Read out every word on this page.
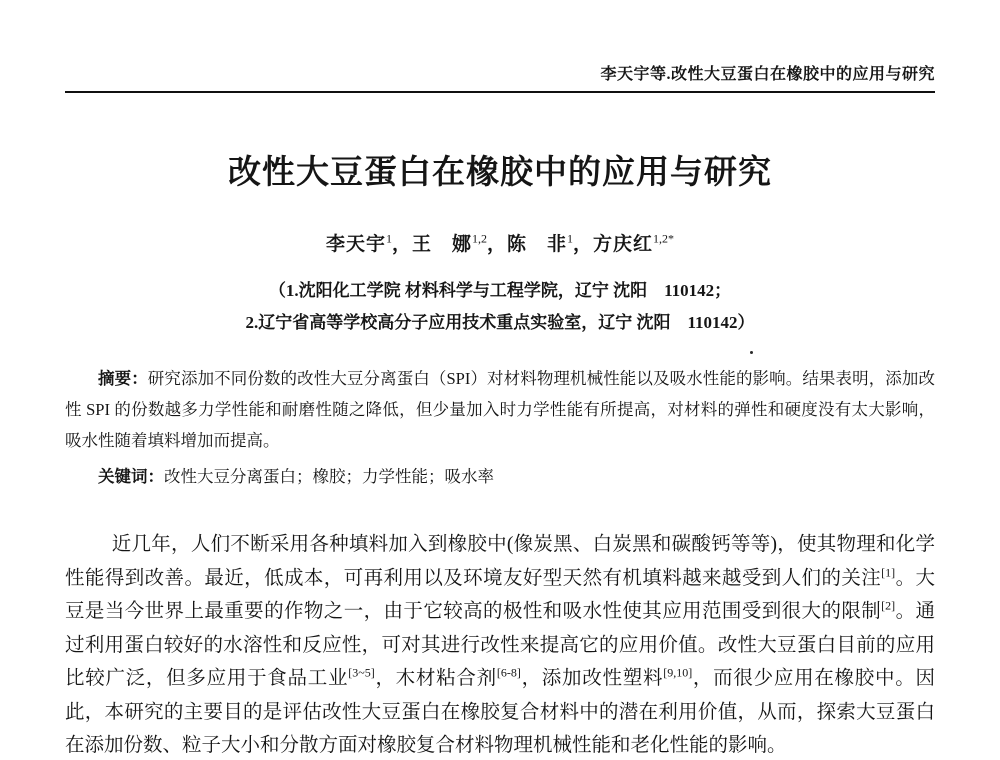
李天宇等.改性大豆蛋白在橡胶中的应用与研究
改性大豆蛋白在橡胶中的应用与研究
李天宇$^1$，王　娜$^{1,2}$，陈　非$^1$，方庆红$^{1,2*}$
（1.沈阳化工学院 材料科学与工程学院，辽宁 沈阳　110142；
2.辽宁省高等学校高分子应用技术重点实验室，辽宁 沈阳　110142）

摘要：研究添加不同份数的改性大豆分离蛋白（SPI）对材料物理机械性能以及吸水性能的影响。结果表明，添加改性 SPI 的份数越多力学性能和耐磨性随之降低，但少量加入时力学性能有所提高，对材料的弹性和硬度没有太大影响，吸水性随着填料增加而提高。

关键词：改性大豆分离蛋白；橡胶；力学性能；吸水率

近几年，人们不断采用各种填料加入到橡胶中(像炭黑、白炭黑和碳酸钙等等)，使其物理和化学性能得到改善。最近，低成本，可再利用以及环境友好型天然有机填料越来越受到人们的关注[1]。大豆是当今世界上最重要的作物之一，由于它较高的极性和吸水性使其应用范围受到很大的限制[2]。通过利用蛋白较好的水溶性和反应性，可对其进行改性来提高它的应用价值。改性大豆蛋白目前的应用比较广泛，但多应用于食品工业[3~5]，木材粘合剂[6-8]，添加改性塑料[9,10]，而很少应用在橡胶中。因此，本研究的主要目的是评估改性大豆蛋白在橡胶复合材料中的潜在利用价值，从而，探索大豆蛋白在添加份数、粒子大小和分散方面对橡胶复合材料物理机械性能和老化性能的影响。
